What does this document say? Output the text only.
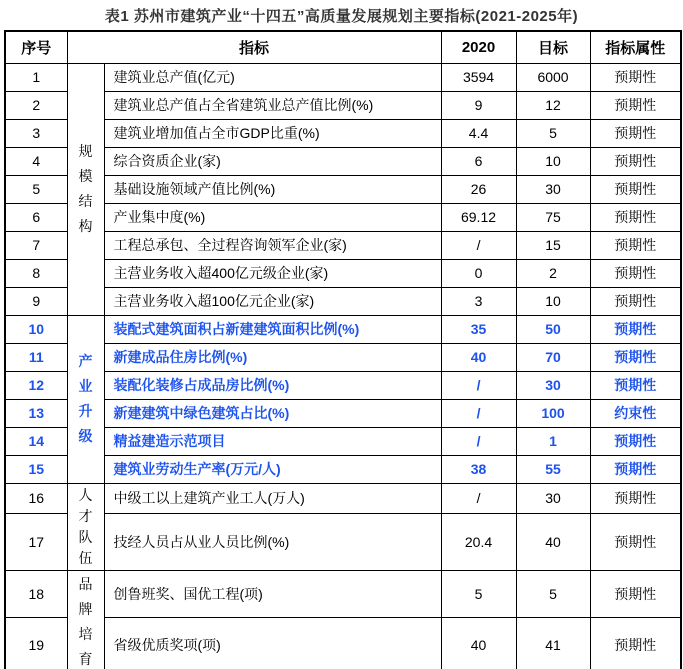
表1 苏州市建筑产业“十四五”高质量发展规划主要指标(2021-2025年)
序号	指标		2020	目标	指标属性
1	规模结构	建筑业总产值(亿元)	3594	6000	预期性
2		建筑业总产值占全省建筑业总产值比例(%)	9	12	预期性
3		建筑业增加值占全市GDP比重(%)	4.4	5	预期性
4		综合资质企业(家)	6	10	预期性
5		基础设施领域产值比例(%)	26	30	预期性
6		产业集中度(%)	69.12	75	预期性
7		工程总承包、全过程咨询领军企业(家)	/	15	预期性
8		主营业务收入超400亿元级企业(家)	0	2	预期性
9		主营业务收入超100亿元企业(家)	3	10	预期性
10	产业升级	装配式建筑面积占新建建筑面积比例(%)	35	50	预期性
11		新建成品住房比例(%)	40	70	预期性
12		装配化装修占成品房比例(%)	/	30	预期性
13		新建建筑中绿色建筑占比(%)	/	100	约束性
14		精益建造示范项目	/	1	预期性
15		建筑业劳动生产率(万元/人)	38	55	预期性
16	人才队伍	中级工以上建筑产业工人(万人)	/	30	预期性
17		技经人员占从业人员比例(%)	20.4	40	预期性
18	品牌培育	创鲁班奖、国优工程(项)	5	5	预期性
19		省级优质奖项(项)	40	41	预期性
